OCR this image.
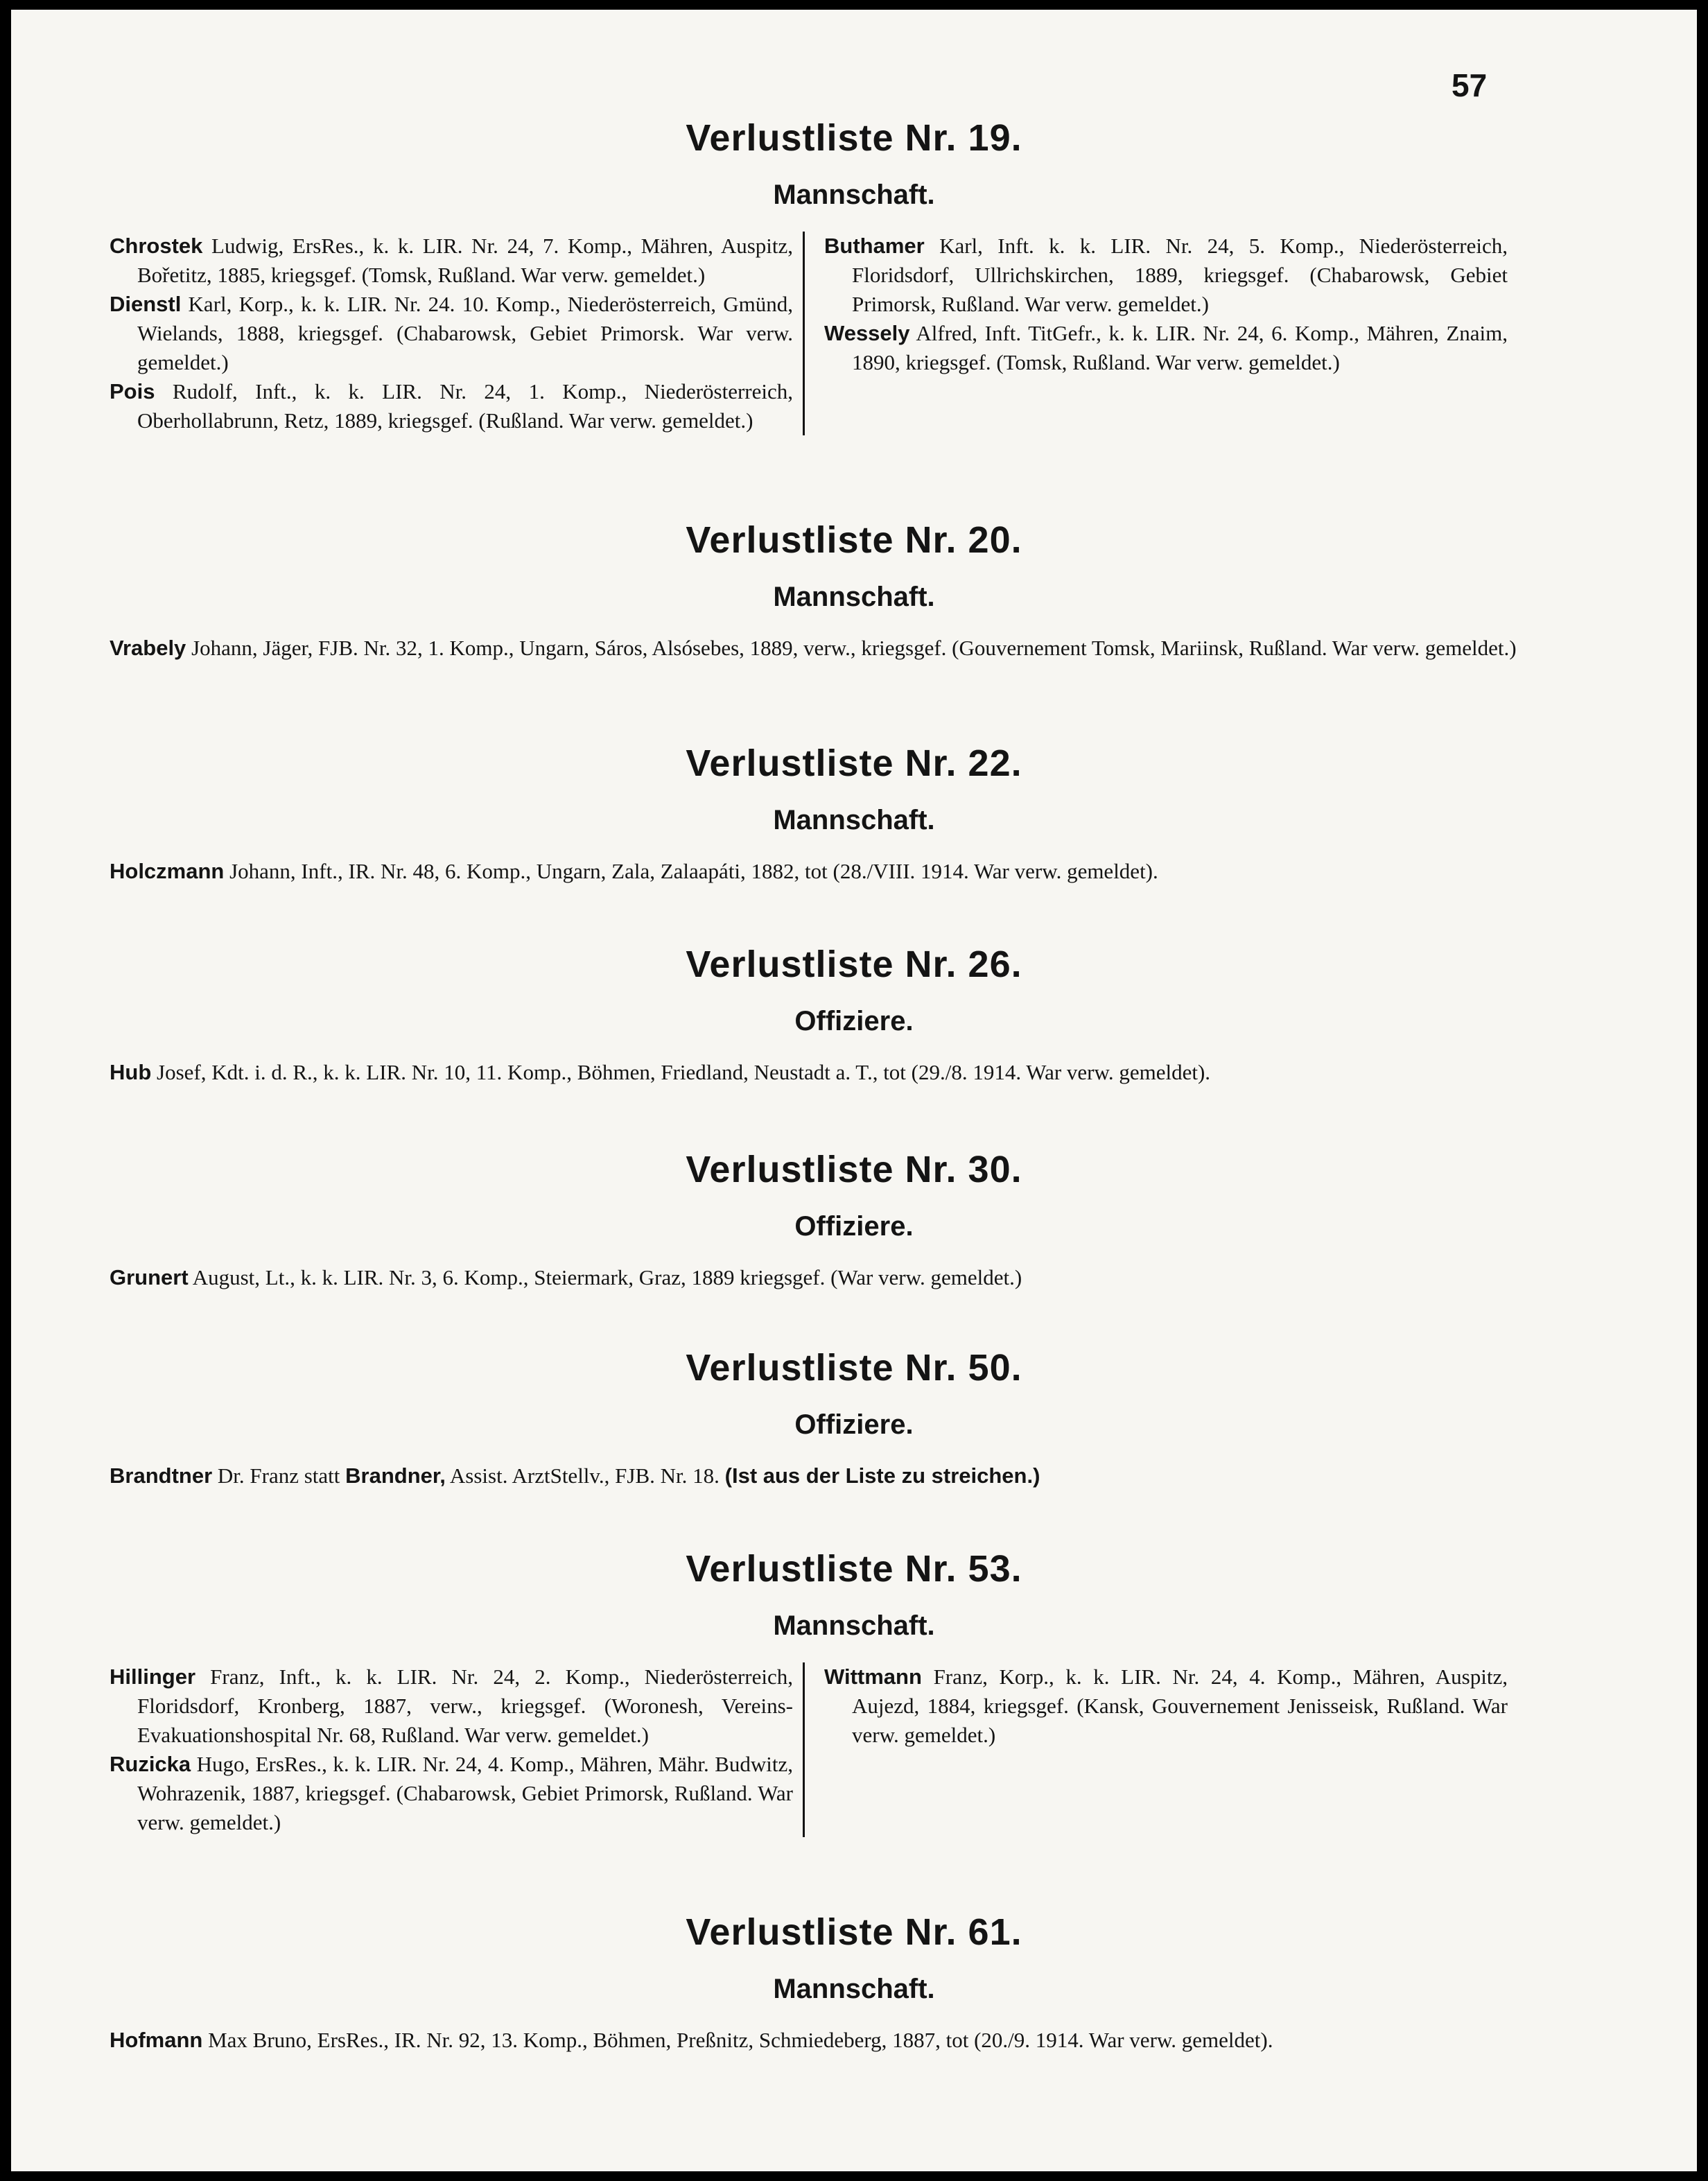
57
Verlustliste Nr. 19.
Mannschaft.

Chrostek Ludwig, ErsRes., k. k. LIR. Nr. 24, 7. Komp., Mähren, Auspitz, Bořetitz, 1885, kriegsgef. (Tomsk, Rußland. War verw. gemeldet.)

Dienstl Karl, Korp., k. k. LIR. Nr. 24. 10. Komp., Niederösterreich, Gmünd, Wielands, 1888, kriegsgef. (Chabarowsk, Gebiet Primorsk. War verw. gemeldet.)

Pois Rudolf, Inft., k. k. LIR. Nr. 24, 1. Komp., Niederösterreich, Oberhollabrunn, Retz, 1889, kriegsgef. (Rußland. War verw. gemeldet.)

Buthamer Karl, Inft. k. k. LIR. Nr. 24, 5. Komp., Niederösterreich, Floridsdorf, Ullrichskirchen, 1889, kriegsgef. (Chabarowsk, Gebiet Primorsk, Rußland. War verw. gemeldet.)

Wessely Alfred, Inft. TitGefr., k. k. LIR. Nr. 24, 6. Komp., Mähren, Znaim, 1890, kriegsgef. (Tomsk, Rußland. War verw. gemeldet.)

Verlustliste Nr. 20.
Mannschaft.

Vrabely Johann, Jäger, FJB. Nr. 32, 1. Komp., Ungarn, Sáros, Alsósebes, 1889, verw., kriegsgef. (Gouvernement Tomsk, Mariinsk, Rußland. War verw. gemeldet.)

Verlustliste Nr. 22.
Mannschaft.

Holczmann Johann, Inft., IR. Nr. 48, 6. Komp., Ungarn, Zala, Zalaapáti, 1882, tot (28./VIII. 1914. War verw. gemeldet).

Verlustliste Nr. 26.
Offiziere.

Hub Josef, Kdt. i. d. R., k. k. LIR. Nr. 10, 11. Komp., Böhmen, Friedland, Neustadt a. T., tot (29./8. 1914. War verw. gemeldet).

Verlustliste Nr. 30.
Offiziere.

Grunert August, Lt., k. k. LIR. Nr. 3, 6. Komp., Steiermark, Graz, 1889 kriegsgef. (War verw. gemeldet.)

Verlustliste Nr. 50.
Offiziere.

Brandtner Dr. Franz statt Brandner, Assist. ArztStellv., FJB. Nr. 18. (Ist aus der Liste zu streichen.)

Verlustliste Nr. 53.
Mannschaft.

Hillinger Franz, Inft., k. k. LIR. Nr. 24, 2. Komp., Niederösterreich, Floridsdorf, Kronberg, 1887, verw., kriegsgef. (Woronesh, Vereins-Evakuationshospital Nr. 68, Rußland. War verw. gemeldet.)

Ruzicka Hugo, ErsRes., k. k. LIR. Nr. 24, 4. Komp., Mähren, Mähr. Budwitz, Wohrazenik, 1887, kriegsgef. (Chabarowsk, Gebiet Primorsk, Rußland. War verw. gemeldet.)

Wittmann Franz, Korp., k. k. LIR. Nr. 24, 4. Komp., Mähren, Auspitz, Aujezd, 1884, kriegsgef. (Kansk, Gouvernement Jenisseisk, Rußland. War verw. gemeldet.)

Verlustliste Nr. 61.
Mannschaft.

Hofmann Max Bruno, ErsRes., IR. Nr. 92, 13. Komp., Böhmen, Preßnitz, Schmiedeberg, 1887, tot (20./9. 1914. War verw. gemeldet).
